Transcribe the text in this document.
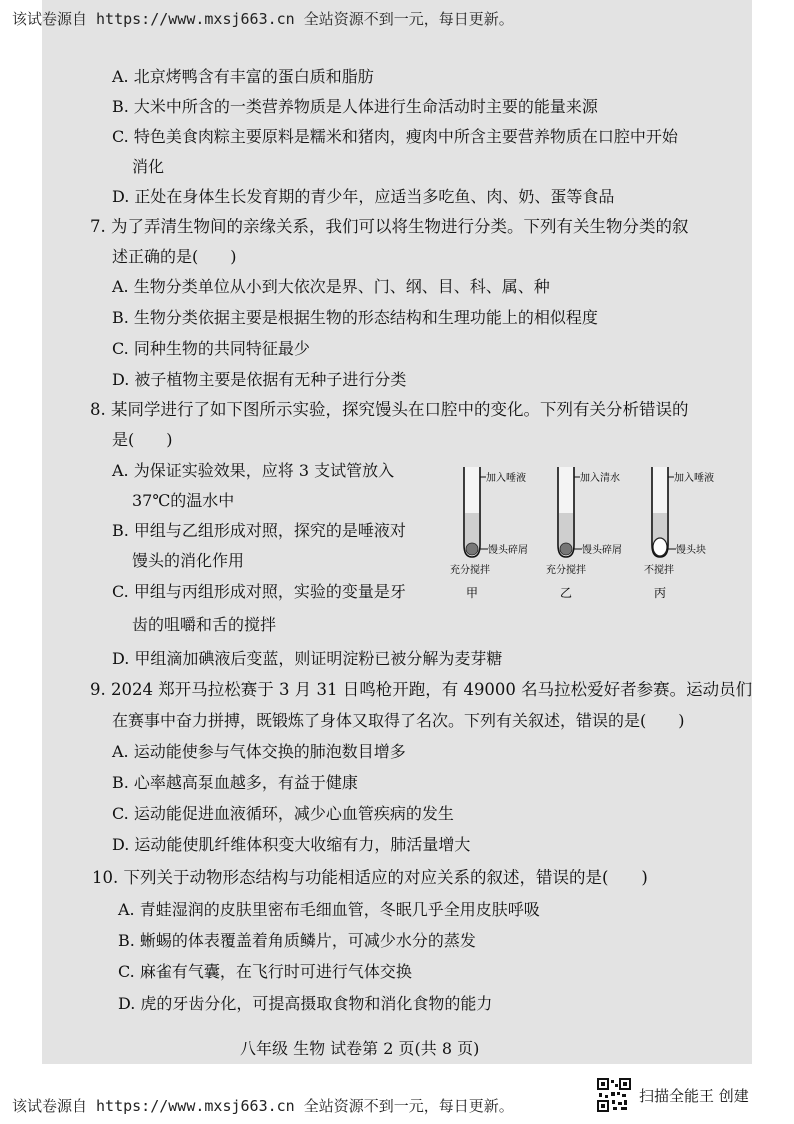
该试卷源自 https://www.mxsj663.cn 全站资源不到一元，每日更新。
A. 北京烤鸭含有丰富的蛋白质和脂肪
B. 大米中所含的一类营养物质是人体进行生命活动时主要的能量来源
C. 特色美食肉粽主要原料是糯米和猪肉，瘦肉中所含主要营养物质在口腔中开始
消化
D. 正处在身体生长发育期的青少年，应适当多吃鱼、肉、奶、蛋等食品
7. 为了弄清生物间的亲缘关系，我们可以将生物进行分类。下列有关生物分类的叙
述正确的是(　　)
A. 生物分类单位从小到大依次是界、门、纲、目、科、属、种
B. 生物分类依据主要是根据生物的形态结构和生理功能上的相似程度
C. 同种生物的共同特征最少
D. 被子植物主要是依据有无种子进行分类
8. 某同学进行了如下图所示实验，探究馒头在口腔中的变化。下列有关分析错误的
是(　　)
A. 为保证实验效果，应将 3 支试管放入
37℃的温水中
B. 甲组与乙组形成对照，探究的是唾液对
馒头的消化作用
C. 甲组与丙组形成对照，实验的变量是牙
齿的咀嚼和舌的搅拌
D. 甲组滴加碘液后变蓝，则证明淀粉已被分解为麦芽糖
加入唾液
馒头碎屑
充分搅拌
甲
加入清水
馒头碎屑
充分搅拌
乙
加入唾液
馒头块
不搅拌
丙
9. 2024 郑开马拉松赛于 3 月 31 日鸣枪开跑，有 49000 名马拉松爱好者参赛。运动员们
在赛事中奋力拼搏，既锻炼了身体又取得了名次。下列有关叙述，错误的是(　　)
A. 运动能使参与气体交换的肺泡数目增多
B. 心率越高泵血越多，有益于健康
C. 运动能促进血液循环，减少心血管疾病的发生
D. 运动能使肌纤维体积变大收缩有力，肺活量增大
10. 下列关于动物形态结构与功能相适应的对应关系的叙述，错误的是(　　)
A. 青蛙湿润的皮肤里密布毛细血管，冬眠几乎全用皮肤呼吸
B. 蜥蜴的体表覆盖着角质鳞片，可减少水分的蒸发
C. 麻雀有气囊，在飞行时可进行气体交换
D. 虎的牙齿分化，可提高摄取食物和消化食物的能力
八年级 生物 试卷第 2 页(共 8 页)
该试卷源自 https://www.mxsj663.cn 全站资源不到一元，每日更新。
扫描全能王 创建
